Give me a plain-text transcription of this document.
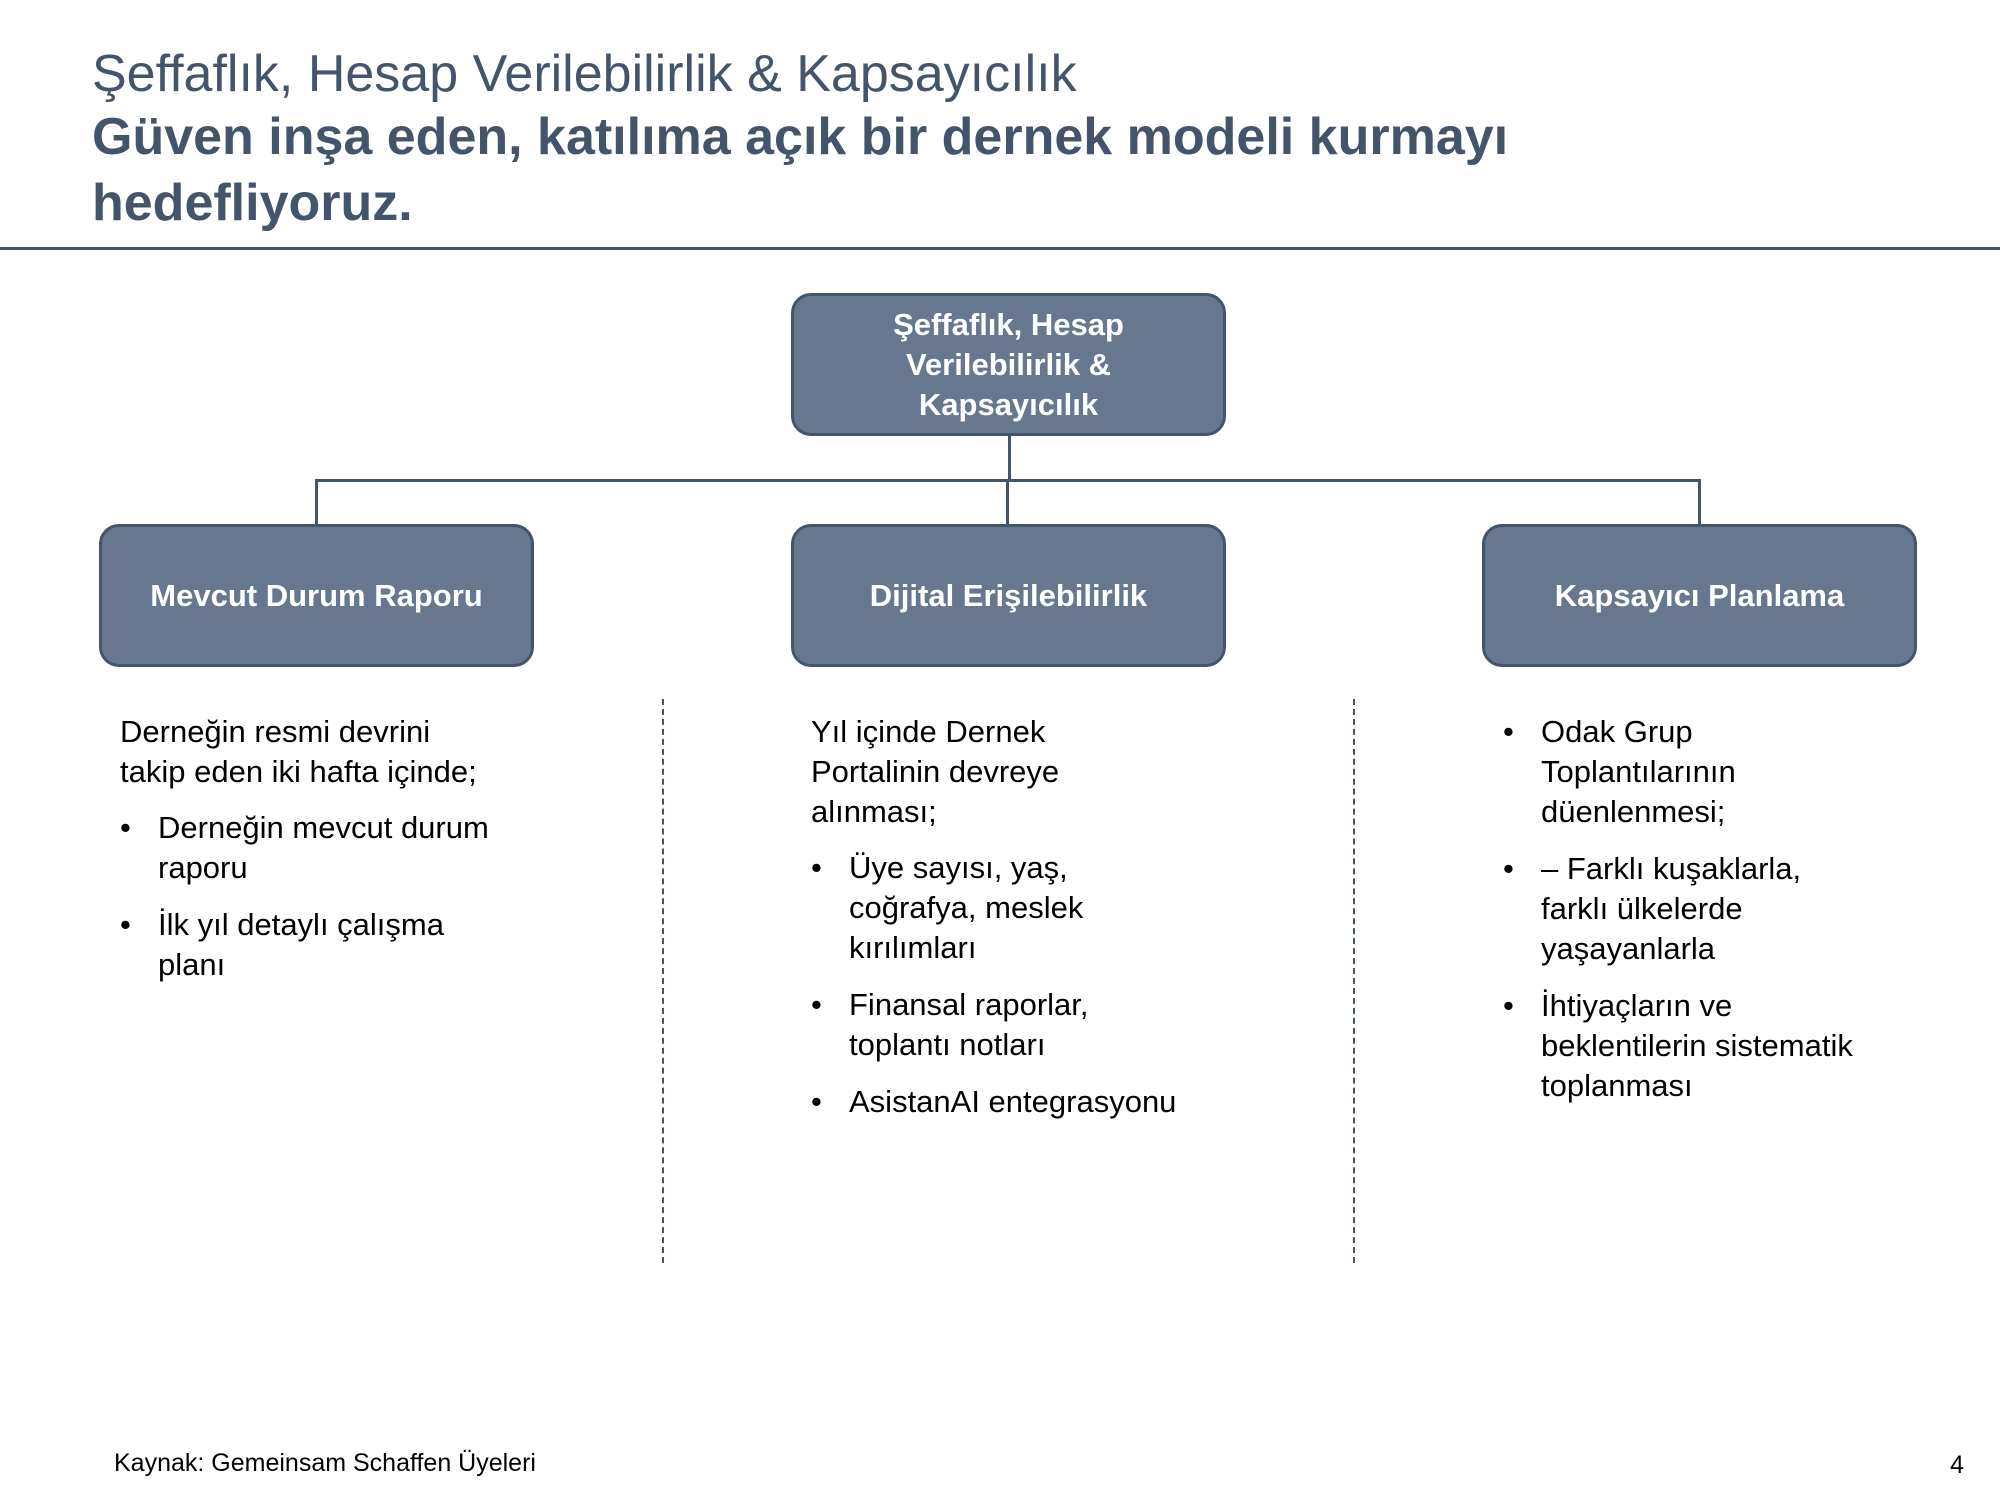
Şeffaflık, Hesap Verilebilirlik & Kapsayıcılık
Güven inşa eden, katılıma açık bir dernek modeli kurmayı hedefliyoruz.
Şeffaflık, Hesap
Verilebilirlik &
Kapsayıcılık
Mevcut Durum Raporu	Dijital Erişilebilirlik	Kapsayıcı Planlama
Derneğin resmi devrini
takip eden iki hafta içinde;
• Derneğin mevcut durum
raporu
• İlk yıl detaylı çalışma
planı
Yıl içinde Dernek
Portalinin devreye
alınması;
• Üye sayısı, yaş,
coğrafya, meslek
kırılımları
• Finansal raporlar,
toplantı notları
• AsistanAI entegrasyonu
• Odak Grup
Toplantılarının
düenlenmesi;
• – Farklı kuşaklarla,
farklı ülkelerde
yaşayanlarla
• İhtiyaçların ve
beklentilerin sistematik
toplanması
Kaynak: Gemeinsam Schaffen Üyeleri	4
